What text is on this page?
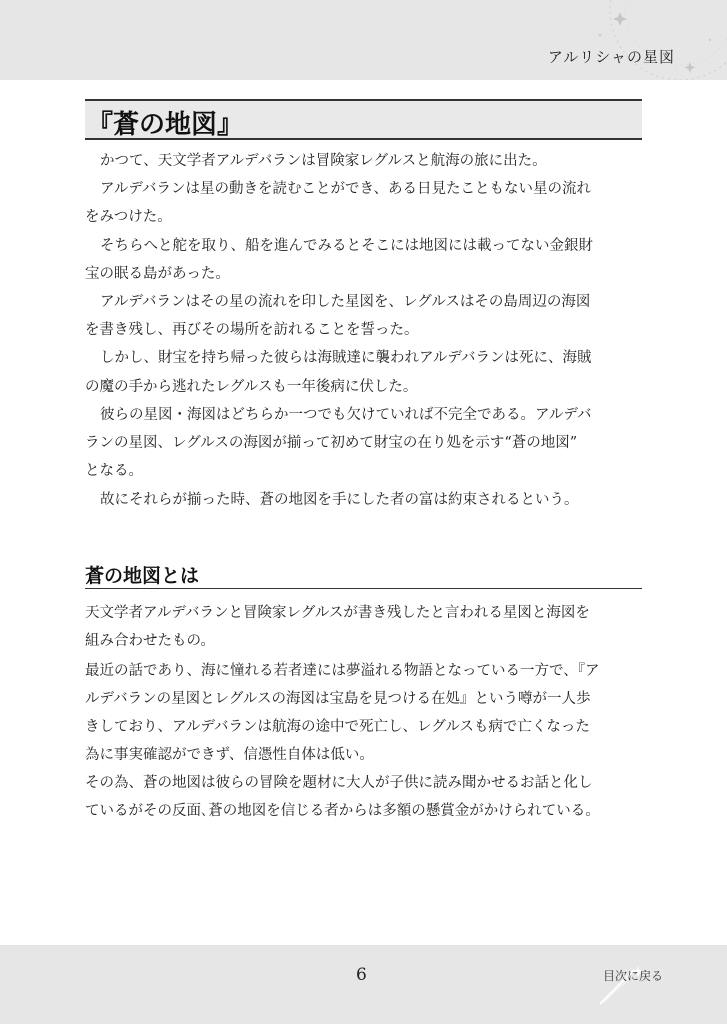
アルリシャの星図
『蒼の地図』
かつて、天文学者アルデバランは冒険家レグルスと航海の旅に出た。
アルデバランは星の動きを読むことができ、ある日見たこともない星の流れ
をみつけた。
そちらへと舵を取り、船を進んでみるとそこには地図には載ってない金銀財
宝の眠る島があった。
アルデバランはその星の流れを印した星図を、レグルスはその島周辺の海図
を書き残し、再びその場所を訪れることを誓った。
しかし、財宝を持ち帰った彼らは海賊達に襲われアルデバランは死に、海賊
の魔の手から逃れたレグルスも一年後病に伏した。
彼らの星図・海図はどちらか一つでも欠けていれば不完全である。アルデバ
ランの星図、レグルスの海図が揃って初めて財宝の在り処を示す“蒼の地図”
となる。
故にそれらが揃った時、蒼の地図を手にした者の富は約束されるという。
蒼の地図とは
天文学者アルデバランと冒険家レグルスが書き残したと言われる星図と海図を
組み合わせたもの。
最近の話であり、海に憧れる若者達には夢溢れる物語となっている一方で、『ア
ルデバランの星図とレグルスの海図は宝島を見つける在処』という噂が一人歩
きしており、アルデバランは航海の途中で死亡し、レグルスも病で亡くなった
為に事実確認ができず、信憑性自体は低い。
その為、蒼の地図は彼らの冒険を題材に大人が子供に読み聞かせるお話と化し
ているがその反面､蒼の地図を信じる者からは多額の懸賞金がかけられている。
6	目次に戻る
